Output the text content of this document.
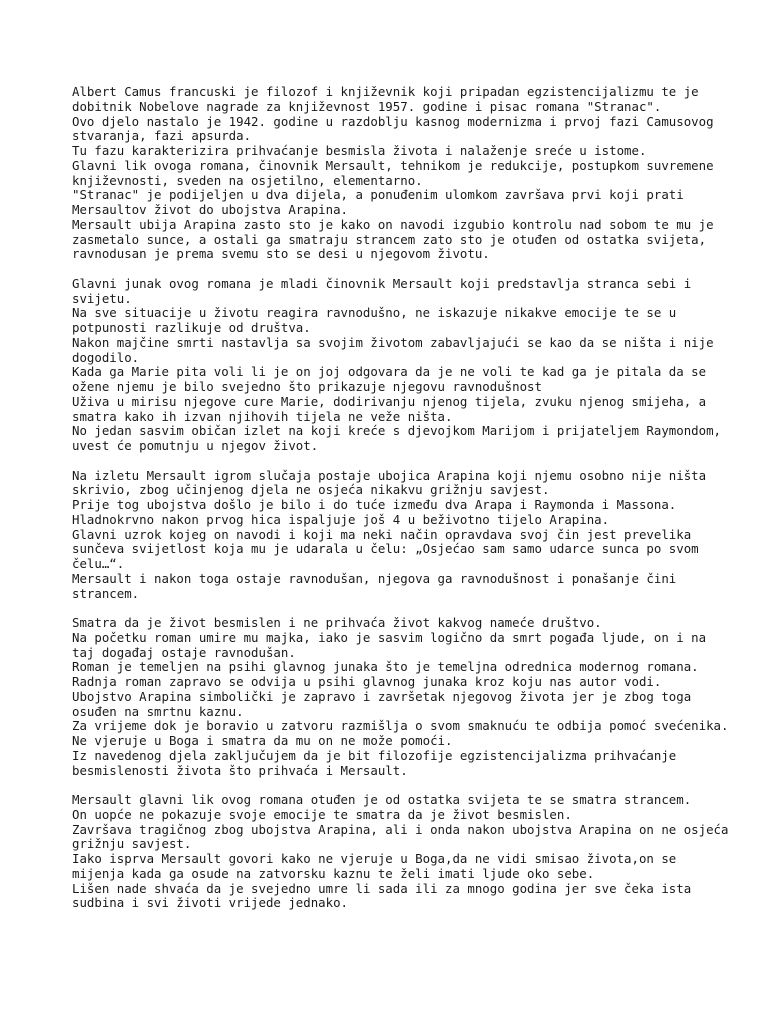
Albert Camus francuski je filozof i književnik koji pripadan egzistencijalizmu te je dobitnik Nobelove nagrade za književnost 1957. godine i pisac romana "Stranac".
Ovo djelo nastalo je 1942. godine u razdoblju kasnog modernizma i prvoj fazi Camusovog stvaranja, fazi apsurda.
Tu fazu karakterizira prihvaćanje besmisla života i nalaženje sreće u istome.
Glavni lik ovoga romana, činovnik Mersault, tehnikom je redukcije, postupkom suvremene književnosti, sveden na osjetilno, elementarno.
"Stranac" je podijeljen u dva dijela, a ponuđenim ulomkom završava prvi koji prati Mersaultov život do ubojstva Arapina.
Mersault ubija Arapina zasto sto je kako on navodi izgubio kontrolu nad sobom te mu je zasmetalo sunce, a ostali ga smatraju strancem zato sto je otuđen od ostatka svijeta, ravnodusan je prema svemu sto se desi u njegovom životu.
Glavni junak ovog romana je mladi činovnik Mersault koji predstavlja stranca sebi i svijetu.
Na sve situacije u životu reagira ravnodušno, ne iskazuje nikakve emocije te se u potpunosti razlikuje od društva.
Nakon majčine smrti nastavlja sa svojim životom zabavljajući se kao da se ništa i nije dogodilo.
Kada ga Marie pita voli li je on joj odgovara da je ne voli te kad ga je pitala da se ožene njemu je bilo svejedno što prikazuje njegovu ravnodušnost
Uživa u mirisu njegove cure Marie, dodirivanju njenog tijela, zvuku njenog smijeha, a smatra kako ih izvan njihovih tijela ne veže ništa.
No jedan sasvim običan izlet na koji kreće s djevojkom Marijom i prijateljem Raymondom, uvest će pomutnju u njegov život.
Na izletu Mersault igrom slučaja postaje ubojica Arapina koji njemu osobno nije ništa skrivio, zbog učinjenog djela ne osjeća nikakvu grižnju savjest.
Prije tog ubojstva došlo je bilo i do tuće između dva Arapa i Raymonda i Massona.
Hladnokrvno nakon prvog hica ispaljuje još 4 u beživotno tijelo Arapina.
Glavni uzrok kojeg on navodi i koji ma neki način opravdava svoj čin jest prevelika sunčeva svijetlost koja mu je udarala u čelu: „Osjećao sam samo udarce sunca po svom čelu…“.
Mersault i nakon toga ostaje ravnodušan, njegova ga ravnodušnost i ponašanje čini strancem.
Smatra da je život besmislen i ne prihvaća život kakvog nameće društvo.
Na početku roman umire mu majka, iako je sasvim logično da smrt pogađa ljude, on i na taj događaj ostaje ravnodušan.
Roman je temeljen na psihi glavnog junaka što je temeljna odrednica modernog romana.
Radnja roman zapravo se odvija u psihi glavnog junaka kroz koju nas autor vodi.
Ubojstvo Arapina simbolički je zapravo i završetak njegovog života jer je zbog toga osuđen na smrtnu kaznu.
Za vrijeme dok je boravio u zatvoru razmišlja o svom smaknuću te odbija pomoć svećenika.
Ne vjeruje u Boga i smatra da mu on ne može pomoći.
Iz navedenog djela zaključujem da je bit filozofije egzistencijalizma prihvaćanje besmislenosti života što prihvaća i Mersault.
Mersault glavni lik ovog romana otuđen je od ostatka svijeta te se smatra strancem.
On uopće ne pokazuje svoje emocije te smatra da je život besmislen.
Završava tragičnog zbog ubojstva Arapina, ali i onda nakon ubojstva Arapina on ne osjeća grižnju savjest.
Iako isprva Mersault govori kako ne vjeruje u Boga,da ne vidi smisao života,on se mijenja kada ga osude na zatvorsku kaznu te želi imati ljude oko sebe.
Lišen nade shvaća da je svejedno umre li sada ili za mnogo godina jer sve čeka ista sudbina i svi životi vrijede jednako.
